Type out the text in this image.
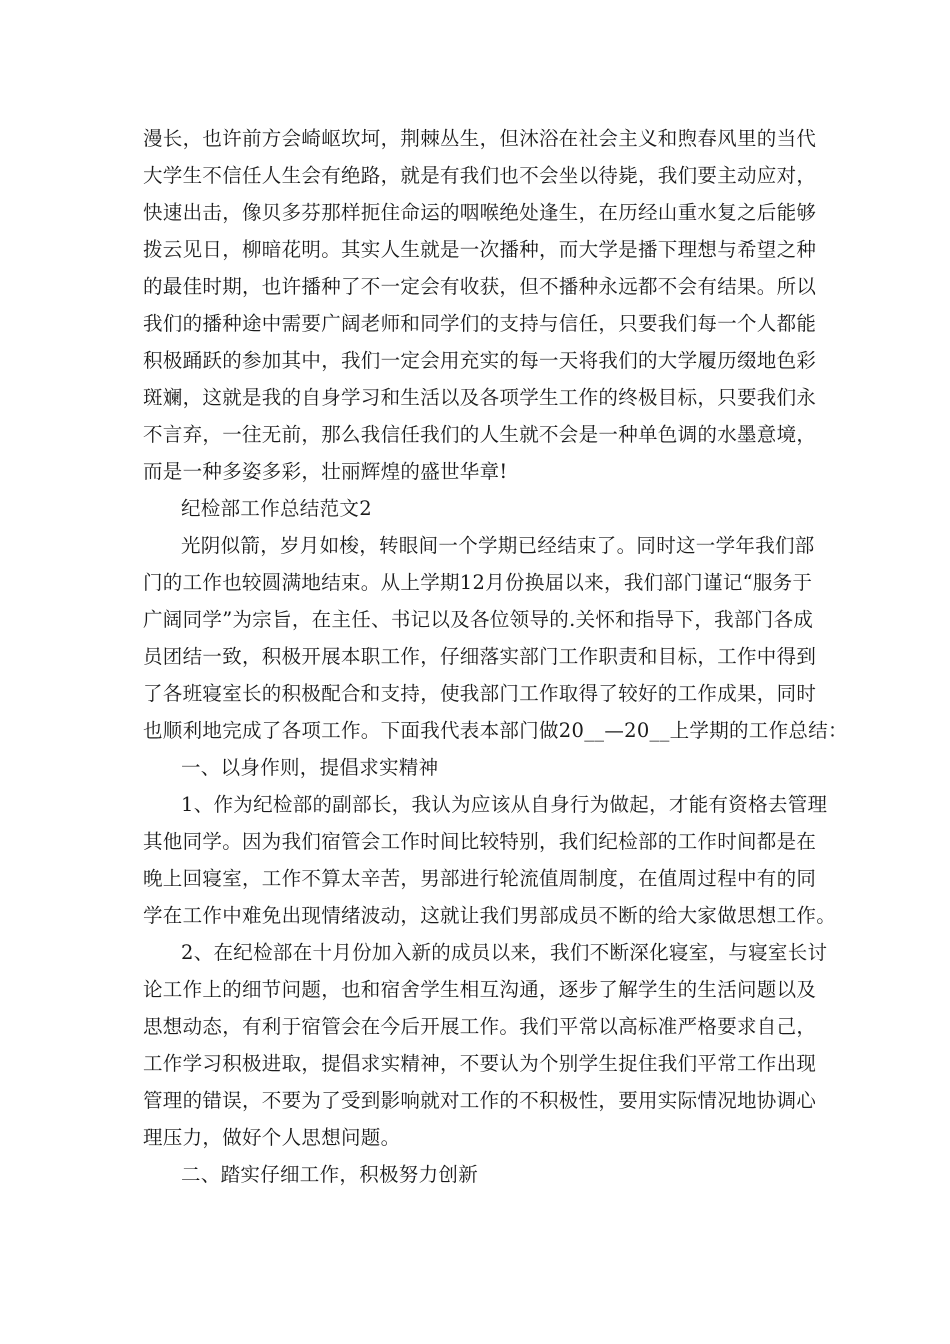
漫长，也许前方会崎岖坎坷，荆棘丛生，但沐浴在社会主义和煦春风里的当代
大学生不信任人生会有绝路，就是有我们也不会坐以待毙，我们要主动应对，
快速出击，像贝多芬那样扼住命运的咽喉绝处逢生，在历经山重水复之后能够
拨云见日，柳暗花明。其实人生就是一次播种，而大学是播下理想与希望之种
的最佳时期，也许播种了不一定会有收获，但不播种永远都不会有结果。所以
我们的播种途中需要广阔老师和同学们的支持与信任，只要我们每一个人都能
积极踊跃的参加其中，我们一定会用充实的每一天将我们的大学履历缀地色彩
斑斓，这就是我的自身学习和生活以及各项学生工作的终极目标，只要我们永
不言弃，一往无前，那么我信任我们的人生就不会是一种单色调的水墨意境，
而是一种多姿多彩，壮丽辉煌的盛世华章!
纪检部工作总结范文2
光阴似箭，岁月如梭，转眼间一个学期已经结束了。同时这一学年我们部
门的工作也较圆满地结束。从上学期12月份换届以来，我们部门谨记“服务于
广阔同学”为宗旨，在主任、书记以及各位领导的.关怀和指导下，我部门各成
员团结一致，积极开展本职工作，仔细落实部门工作职责和目标，工作中得到
了各班寝室长的积极配合和支持，使我部门工作取得了较好的工作成果，同时
也顺利地完成了各项工作。下面我代表本部门做20__—20__上学期的工作总结：
一、以身作则，提倡求实精神
1、作为纪检部的副部长，我认为应该从自身行为做起，才能有资格去管理
其他同学。因为我们宿管会工作时间比较特别，我们纪检部的工作时间都是在
晚上回寝室，工作不算太辛苦，男部进行轮流值周制度，在值周过程中有的同
学在工作中难免出现情绪波动，这就让我们男部成员不断的给大家做思想工作。
2、在纪检部在十月份加入新的成员以来，我们不断深化寝室，与寝室长讨
论工作上的细节问题，也和宿舍学生相互沟通，逐步了解学生的生活问题以及
思想动态，有利于宿管会在今后开展工作。我们平常以高标准严格要求自己，
工作学习积极进取，提倡求实精神，不要认为个别学生捉住我们平常工作出现
管理的错误，不要为了受到影响就对工作的不积极性，要用实际情况地协调心
理压力，做好个人思想问题。
二、踏实仔细工作，积极努力创新
